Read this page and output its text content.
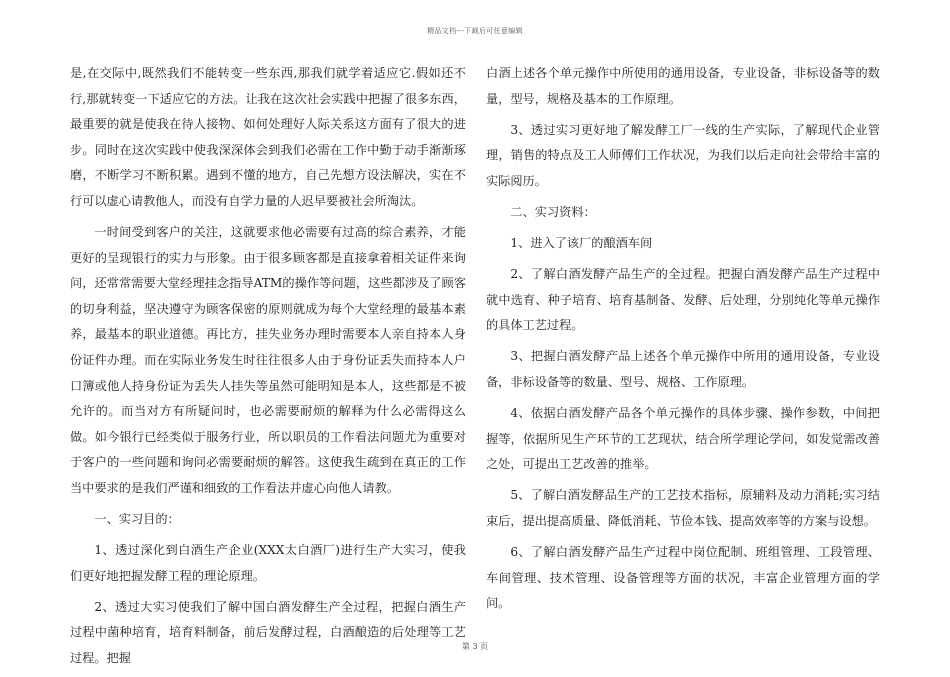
精品文档---下载后可任意编辑

是,在交际中,既然我们不能转变一些东西,那我们就学着适应它.假如还不行,那就转变一下适应它的方法。让我在这次社会实践中把握了很多东西，最重要的就是使我在待人接物、如何处理好人际关系这方面有了很大的进步。同时在这次实践中使我深深体会到我们必需在工作中勤于动手渐渐琢磨，不断学习不断积累。遇到不懂的地方，自己先想方设法解决，实在不行可以虚心请教他人，而没有自学力量的人迟早要被社会所淘汰。

一时间受到客户的关注，这就要求他必需要有过高的综合素养，才能更好的呈现银行的实力与形象。由于很多顾客都是直接拿着相关证件来询问，还常常需要大堂经理挂念指导ATM的操作等问题，这些都涉及了顾客的切身利益，坚决遵守为顾客保密的原则就成为每个大堂经理的最基本素养，最基本的职业道德。再比方，挂失业务办理时需要本人亲自持本人身份证件办理。而在实际业务发生时往往很多人由于身份证丢失而持本人户口簿或他人持身份证为丢失人挂失等虽然可能明知是本人，这些都是不被允许的。而当对方有所疑问时，也必需要耐烦的解释为什么必需得这么做。如今银行已经类似于服务行业，所以职员的工作看法问题尤为重要对于客户的一些问题和询问必需要耐烦的解答。这使我生疏到在真正的工作当中要求的是我们严谨和细致的工作看法并虚心向他人请教。

一、实习目的：

1、透过深化到白酒生产企业(XXX太白酒厂)进行生产大实习，使我们更好地把握发酵工程的理论原理。

2、透过大实习使我们了解中国白酒发酵生产全过程，把握白酒生产过程中菌种培育，培育料制备，前后发酵过程，白酒酿造的后处理等工艺过程。把握

白酒上述各个单元操作中所使用的通用设备，专业设备，非标设备等的数量，型号，规格及基本的工作原理。

3、透过实习更好地了解发酵工厂一线的生产实际，了解现代企业管理，销售的特点及工人师傅们工作状况，为我们以后走向社会带给丰富的实际阅历。

二、实习资料：

1、进入了该厂的酿酒车间

2、了解白酒发酵产品生产的全过程。把握白酒发酵产品生产过程中就中选育、种子培育、培育基制备、发酵、后处理，分别纯化等单元操作的具体工艺过程。

3、把握白酒发酵产品上述各个单元操作中所用的通用设备，专业设备，非标设备等的数量、型号、规格、工作原理。

4、依据白酒发酵产品各个单元操作的具体步骤、操作参数，中间把握等，依据所见生产环节的工艺现状，结合所学理论学问，如发觉需改善之处，可提出工艺改善的推举。

5、了解白酒发酵品生产的工艺技术指标，原辅料及动力消耗;实习结束后，提出提高质量、降低消耗、节俭本钱、提高效率等的方案与设想。

6、了解白酒发酵产品生产过程中岗位配制、班组管理、工段管理、车间管理、技术管理、设备管理等方面的状况，丰富企业管理方面的学问。

第 3 页
